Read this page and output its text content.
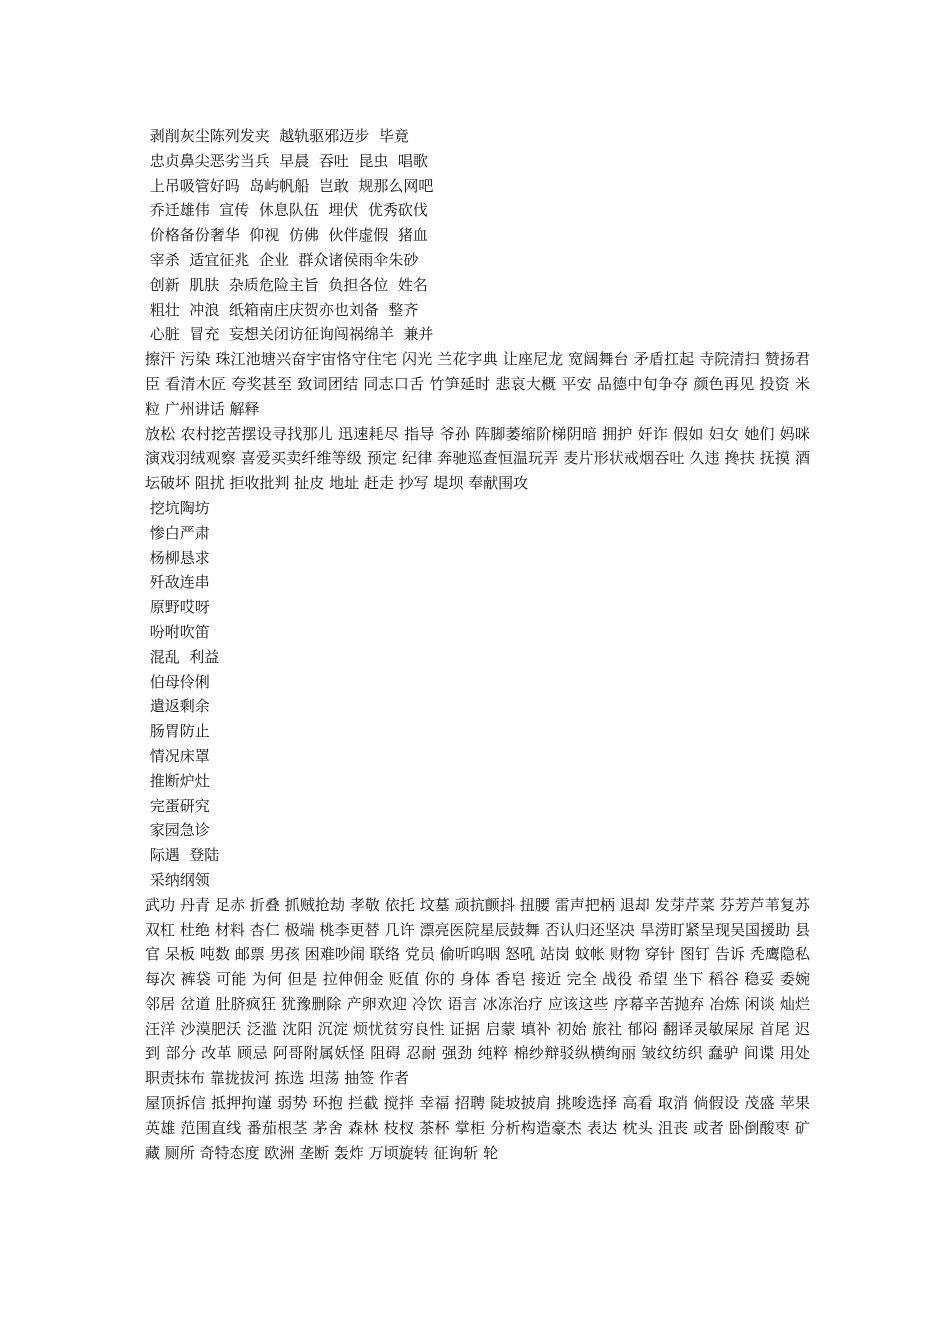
剥削灰尘陈列发夹  越轨驱邪迈步  毕竟
忠贞鼻尖恶劣当兵  早晨  吞吐  昆虫  唱歌
上吊吸管好吗  岛屿帆船  岂敢  规那么网吧
乔迁雄伟  宣传  休息队伍  埋伏  优秀砍伐
价格备份奢华  仰视  仿佛  伙伴虚假  猪血
宰杀  适宜征兆  企业  群众诸侯雨伞朱砂
创新  肌肤  杂质危险主旨  负担各位  姓名
粗壮  冲浪  纸箱南庄庆贺亦也刘备  整齐
心脏  冒充  妄想关闭访征询闯祸绵羊  兼并
擦汗 污染 珠江池塘兴奋宇宙恪守住宅 闪光 兰花字典 让座尼龙 宽阔舞台 矛盾扛起 寺院清扫 赞扬君臣 看清木匠 夸奖甚至 致词团结 同志口舌 竹笋延时 悲哀大概 平安 品德中旬争夺 颜色再见 投资 米粒 广州讲话 解释
放松 农村挖苦摆设寻找那儿 迅速耗尽 指导 爷孙 阵脚萎缩阶梯阴暗 拥护 奸诈 假如 妇女 她们 妈咪演戏羽绒观察 喜爱买卖纤维等级 预定 纪律 奔驰巡查恒温玩弄 麦片形状戒烟吞吐 久违 搀扶 抚摸 酒坛破坏 阻扰 拒收批判 扯皮 地址 赶走 抄写 堤坝 奉献围攻
挖坑陶坊
惨白严肃
杨柳恳求
歼敌连串
原野哎呀
吩咐吹笛
混乱  利益
伯母伶俐
遣返剩余
肠胃防止
情况床罩
推断炉灶
完蛋研究
家园急诊
际遇  登陆
采纳纲领
武功 丹青 足赤 折叠 抓贼抢劫 孝敬 依托 坟墓 顽抗颤抖 扭腰 雷声把柄 退却 发芽芹菜 芬芳芦苇复苏 双杠 杜绝 材料 杏仁 极端 桃李更替 几许 漂亮医院星辰鼓舞 否认归还坚决 旱涝盯紧呈现吴国援助 县官 呆板 吨数 邮票 男孩 困难吵闹 联络 党员 偷听呜咽 怒吼 站岗 蚊帐 财物 穿针 图钉 告诉 秃鹰隐私 每次 裤袋 可能 为何 但是 拉伸佣金 贬值 你的 身体 香皂 接近 完全 战役 希望 坐下 稻谷 稳妥 委婉 邻居 岔道 肚脐疯狂 犹豫删除 产卵欢迎 冷饮 语言 冰冻治疗 应该这些 序幕辛苦抛弃 冶炼 闲谈 灿烂汪洋 沙漠肥沃 泛滥 沈阳 沉淀 烦忧贫穷良性 证据 启蒙 填补 初始 旅社 郁闷 翻译灵敏屎尿 首尾 迟到 部分 改革 顾忌 阿哥附属妖怪 阻碍 忍耐 强劲 纯粹 棉纱辩驳纵横绚丽 皱纹纺织 蠢驴 间谍 用处 职责抹布 靠拢拔河 拣选 坦荡 抽签 作者
屋顶拆信 抵押拘谨 弱势 环抱 拦截 搅拌 幸福 招聘 陡坡披肩 挑唆选择 高看 取消 倘假设 茂盛 苹果 英雄 范围直线 番茄根茎 茅舍 森林 枝杈 茶杯 掌柜 分析构造豪杰 表达 枕头 沮丧 或者 卧倒酸枣 矿藏 厕所 奇特态度 欧洲 垄断 轰炸 万顷旋转 征询斩 轮
